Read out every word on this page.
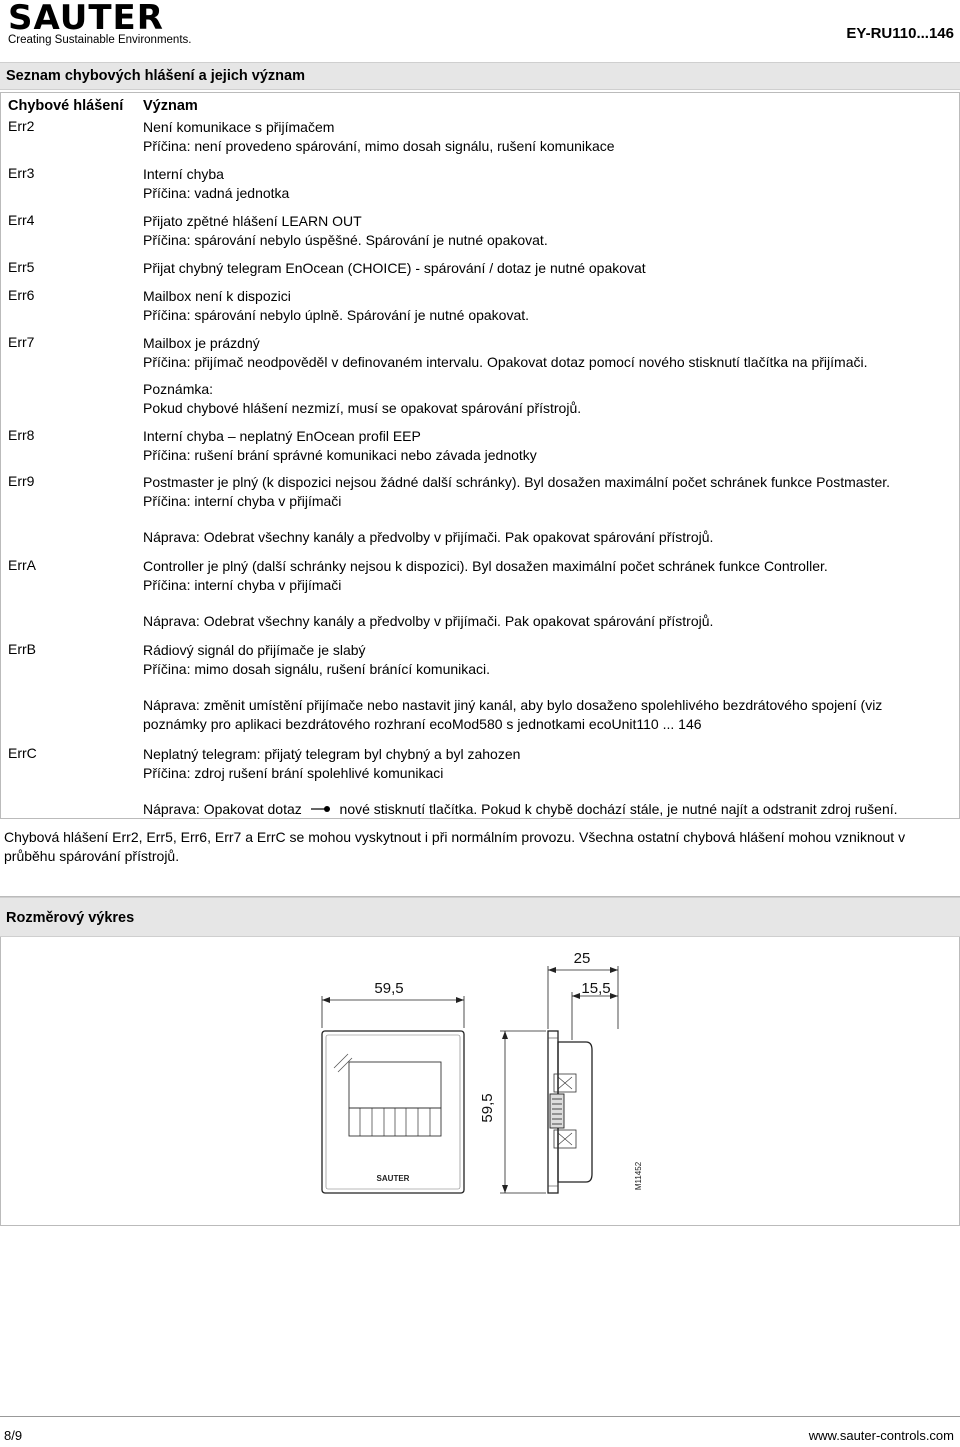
SAUTER
Creating Sustainable Environments.	EY-RU110...146
Seznam chybových hlášení a jejich význam
Chybové hlášení Význam
Err2	Není komunikace s přijímačem
Příčina: není provedeno spárování, mimo dosah signálu, rušení komunikace
Err3	Interní chyba
Příčina: vadná jednotka
Err4	Přijato zpětné hlášení LEARN OUT
Příčina: spárování nebylo úspěšné. Spárování je nutné opakovat.
Err5	Přijat chybný telegram EnOcean (CHOICE) - spárování / dotaz je nutné opakovat
Err6	Mailbox není k dispozici
Příčina: spárování nebylo úplně. Spárování je nutné opakovat.
Err7	Mailbox je prázdný
Příčina: přijímač neodpověděl v definovaném intervalu. Opakovat dotaz pomocí nového stisknutí tlačítka na přijímači.
Poznámka:
Pokud chybové hlášení nezmizí, musí se opakovat spárování přístrojů.
Err8	Interní chyba – neplatný EnOcean profil EEP
Příčina: rušení brání správné komunikaci nebo závada jednotky
Err9	Postmaster je plný (k dispozici nejsou žádné další schránky). Byl dosažen maximální počet schránek funkce Postmaster.
Příčina: interní chyba v přijímači
Náprava: Odebrat všechny kanály a předvolby v přijímači. Pak opakovat spárování přístrojů.
ErrA	Controller je plný (další schránky nejsou k dispozici). Byl dosažen maximální počet schránek funkce Controller.
Příčina: interní chyba v přijímači
Náprava: Odebrat všechny kanály a předvolby v přijímači. Pak opakovat spárování přístrojů.
ErrB	Rádiový signál do přijímače je slabý
Příčina: mimo dosah signálu, rušení bránící komunikaci.
Náprava: změnit umístění přijímače nebo nastavit jiný kanál, aby bylo dosaženo spolehlivého bezdrátového spojení (viz
poznámky pro aplikaci bezdrátového rozhraní ecoMod580 s jednotkami ecoUnit110 ... 146
ErrC	Neplatný telegram: přijatý telegram byl chybný a byl zahozen
Příčina: zdroj rušení brání spolehlivé komunikaci
Náprava: Opakovat dotaz	nové stisknutí tlačítka. Pokud k chybě dochází stále, je nutné najít a odstranit zdroj rušení.
Chybová hlášení Err2, Err5, Err6, Err7 a ErrC se mohou vyskytnout i při normálním provozu. Všechna ostatní chybová hlášení mohou vzniknout v průběhu spárování přístrojů.
Rozměrový výkres
SAUTER
59,5
59,5
25
15,5
M11452
8/9	www.sauter-controls.com
